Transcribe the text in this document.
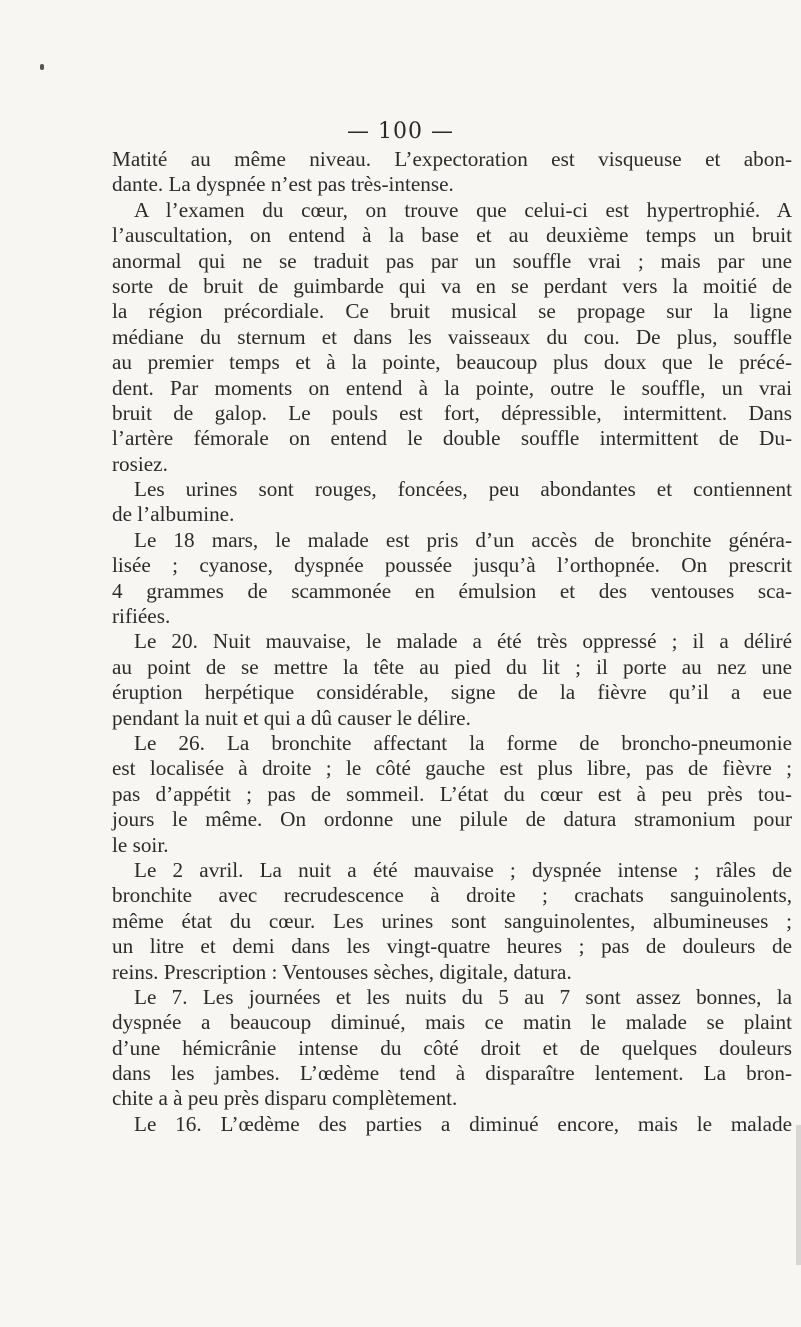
— 100 —
Matité au même niveau. L’expectoration est visqueuse et abon-
dante. La dyspnée n’est pas très-intense.
A l’examen du cœur, on trouve que celui-ci est hypertrophié. A
l’auscultation, on entend à la base et au deuxième temps un bruit
anormal qui ne se traduit pas par un souffle vrai ; mais par une
sorte de bruit de guimbarde qui va en se perdant vers la moitié de
la région précordiale. Ce bruit musical se propage sur la ligne
médiane du sternum et dans les vaisseaux du cou. De plus, souffle
au premier temps et à la pointe, beaucoup plus doux que le précé-
dent. Par moments on entend à la pointe, outre le souffle, un vrai
bruit de galop. Le pouls est fort, dépressible, intermittent. Dans
l’artère fémorale on entend le double souffle intermittent de Du-
rosiez.
Les urines sont rouges, foncées, peu abondantes et contiennent
de l’albumine.
Le 18 mars, le malade est pris d’un accès de bronchite généra-
lisée ; cyanose, dyspnée poussée jusqu’à l’orthopnée. On prescrit
4 grammes de scammonée en émulsion et des ventouses sca-
rifiées.
Le 20. Nuit mauvaise, le malade a été très oppressé ; il a déliré
au point de se mettre la tête au pied du lit ; il porte au nez une
éruption herpétique considérable, signe de la fièvre qu’il a eue
pendant la nuit et qui a dû causer le délire.
Le 26. La bronchite affectant la forme de broncho-pneumonie
est localisée à droite ; le côté gauche est plus libre, pas de fièvre ;
pas d’appétit ; pas de sommeil. L’état du cœur est à peu près tou-
jours le même. On ordonne une pilule de datura stramonium pour
le soir.
Le 2 avril. La nuit a été mauvaise ; dyspnée intense ; râles de
bronchite avec recrudescence à droite ; crachats sanguinolents,
même état du cœur. Les urines sont sanguinolentes, albumineuses ;
un litre et demi dans les vingt-quatre heures ; pas de douleurs de
reins. Prescription : Ventouses sèches, digitale, datura.
Le 7. Les journées et les nuits du 5 au 7 sont assez bonnes, la
dyspnée a beaucoup diminué, mais ce matin le malade se plaint
d’une hémicrânie intense du côté droit et de quelques douleurs
dans les jambes. L’œdème tend à disparaître lentement. La bron-
chite a à peu près disparu complètement.
Le 16. L’œdème des parties a diminué encore, mais le malade
